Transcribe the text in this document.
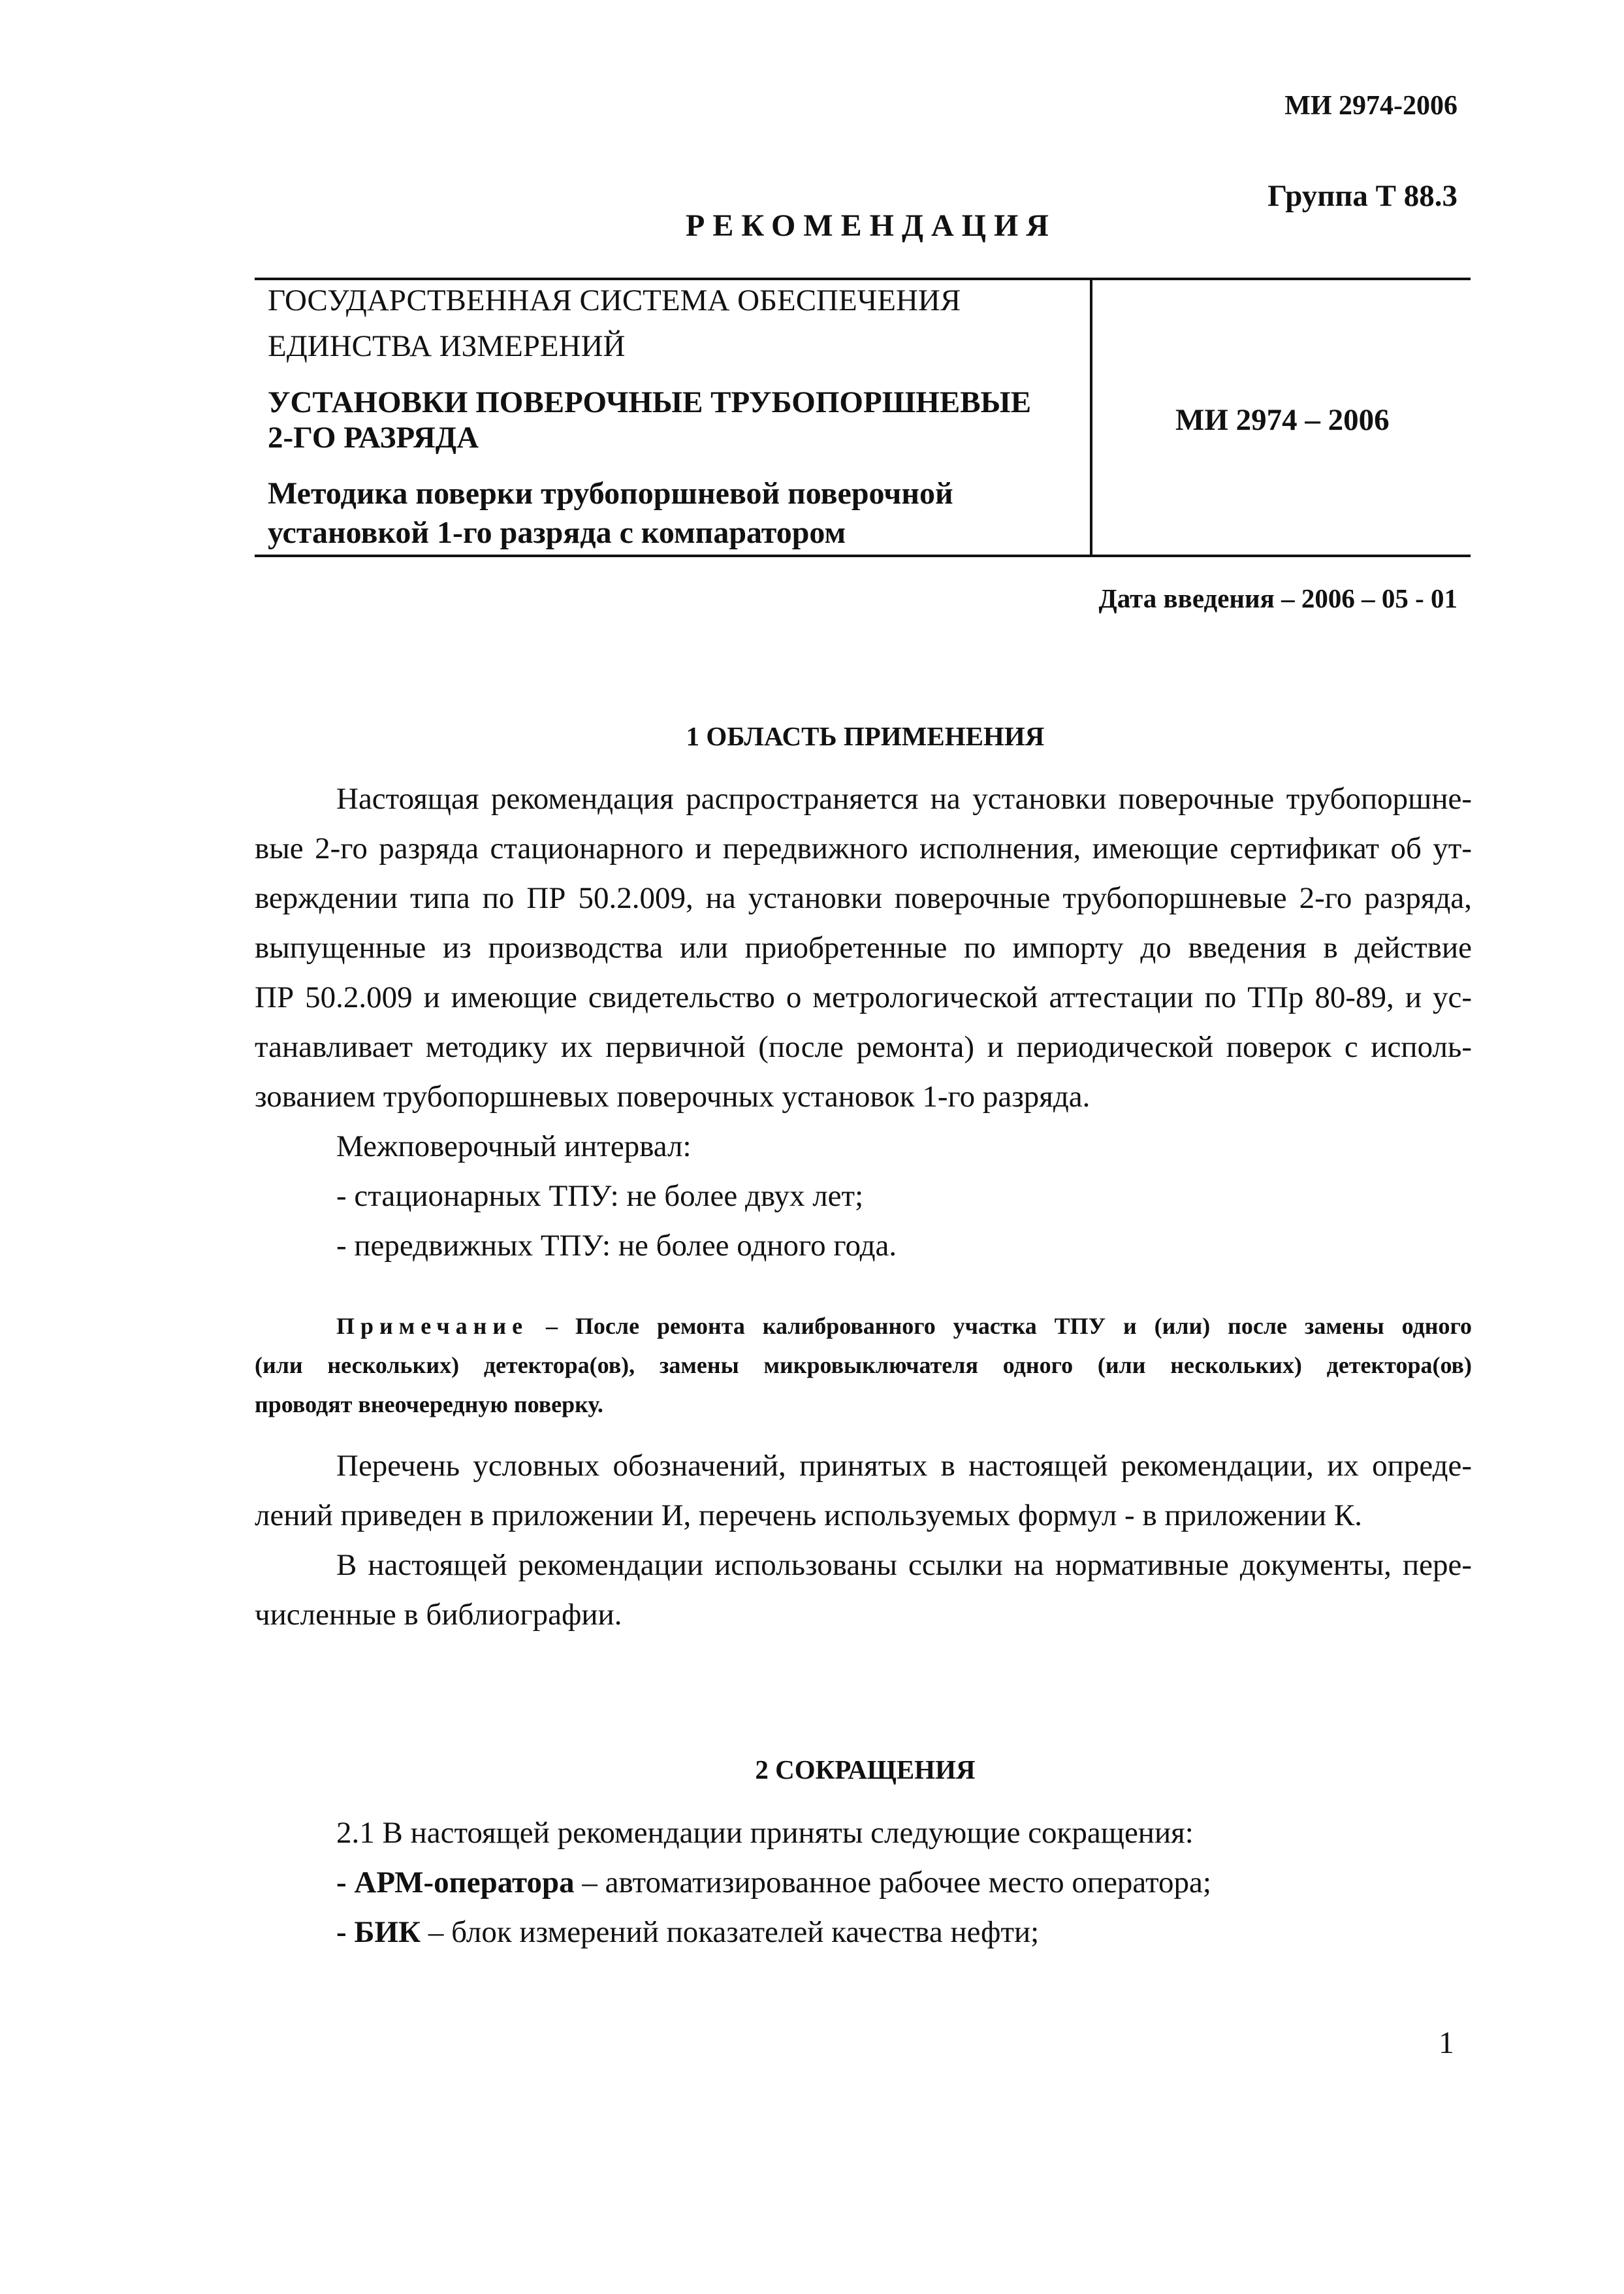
МИ 2974-2006
Группа Т 88.3
РЕКОМЕНДАЦИЯ
ГОСУДАРСТВЕННАЯ СИСТЕМА ОБЕСПЕЧЕНИЯ
ЕДИНСТВА ИЗМЕРЕНИЙ
УСТАНОВКИ ПОВЕРОЧНЫЕ ТРУБОПОРШНЕВЫЕ
2-ГО РАЗРЯДА
Методика поверки трубопоршневой поверочной
установкой 1-го разряда с компаратором
МИ 2974 – 2006
Дата введения – 2006 – 05 - 01
1 ОБЛАСТЬ ПРИМЕНЕНИЯ
Настоящая рекомендация распространяется на установки поверочные трубопоршне-
вые 2-го разряда стационарного и передвижного исполнения, имеющие сертификат об ут-
верждении типа по ПР 50.2.009, на установки поверочные трубопоршневые 2-го разряда,
выпущенные из производства или приобретенные по импорту до введения в действие
ПР 50.2.009 и имеющие свидетельство о метрологической аттестации по ТПр 80-89, и ус-
танавливает методику их первичной (после ремонта) и периодической поверок с исполь-
зованием трубопоршневых поверочных установок 1-го разряда.
Межповерочный интервал:
- стационарных ТПУ: не более двух лет;
- передвижных ТПУ: не более одного года.
Примечание – После ремонта калиброванного участка ТПУ и (или) после замены одного
(или нескольких) детектора(ов), замены микровыключателя одного (или нескольких) детектора(ов)
проводят внеочередную поверку.
Перечень условных обозначений, принятых в настоящей рекомендации, их опреде-
лений приведен в приложении И, перечень используемых формул - в приложении К.
В настоящей рекомендации использованы ссылки на нормативные документы, пере-
численные в библиографии.
2 СОКРАЩЕНИЯ
2.1 В настоящей рекомендации приняты следующие сокращения:
- АРМ-оператора – автоматизированное рабочее место оператора;
- БИК – блок измерений показателей качества нефти;
1
